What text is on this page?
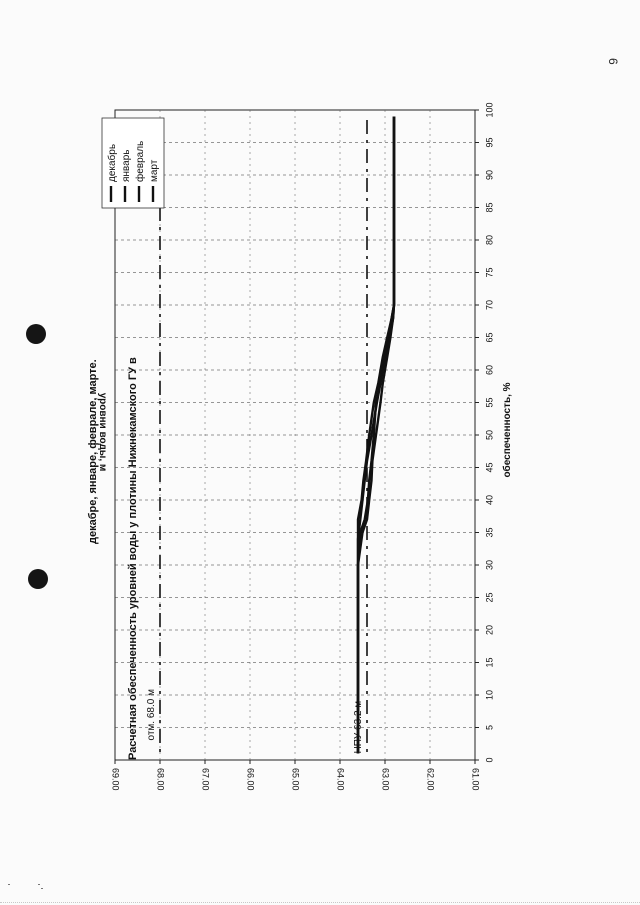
6
отм. 68.0 м	НПУ 63.2 м
0
5
10
15
20
25
30
35
40
45
50
55
60
65
70
75
80
85
90
95
100
61.00
62.00
63.00
64.00
65.00
66.00
67.00
68.00
69.00
Расчетная обеспеченность уровней воды у плотины Нижнекамского ГУ вдекабре, январе, феврале, марте.
уровни воды, м	обеспеченность, %
декабрь январь февраль март
